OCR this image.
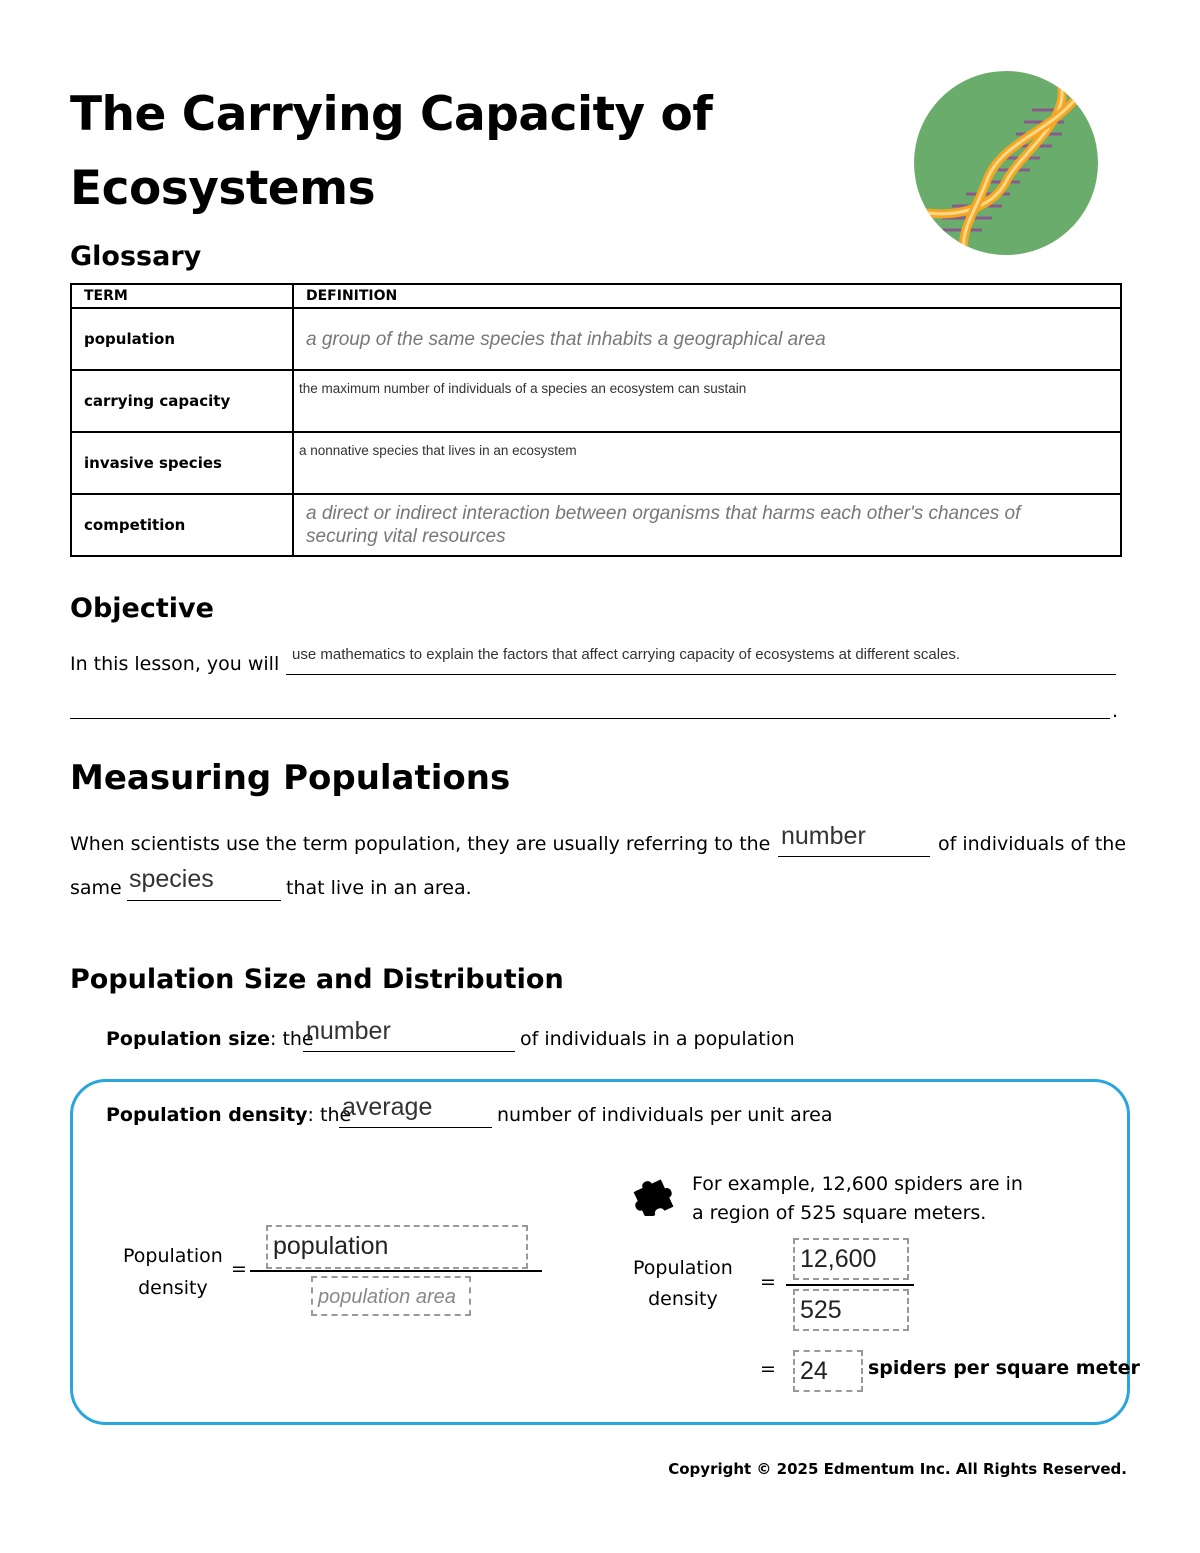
The Carrying Capacity of
Ecosystems
Glossary
TERM	DEFINITION
population	a group of the same species that inhabits a geographical area
carrying capacity	the maximum number of individuals of a species an ecosystem can sustain
invasive species	a nonnative species that lives in an ecosystem
competition	a direct or indirect interaction between organisms that harms each other's chances of securing vital resources
Objective
In this lesson, you will use mathematics to explain the factors that affect carrying capacity of ecosystems at different scales.
.
Measuring Populations
When scientists use the term population, they are usually referring to the number	of individuals of the
same species	that live in an area.
Population Size and Distribution
Population size: the
number	of individuals in a population
Population density: the
average	number of individuals per unit area
Population
density
=
population
population area
For example, 12,600 spiders are in
a region of 525 square meters.
Population
density
=
12,600
525
= 24	spiders per square meter
Copyright © 2025 Edmentum Inc. All Rights Reserved.
